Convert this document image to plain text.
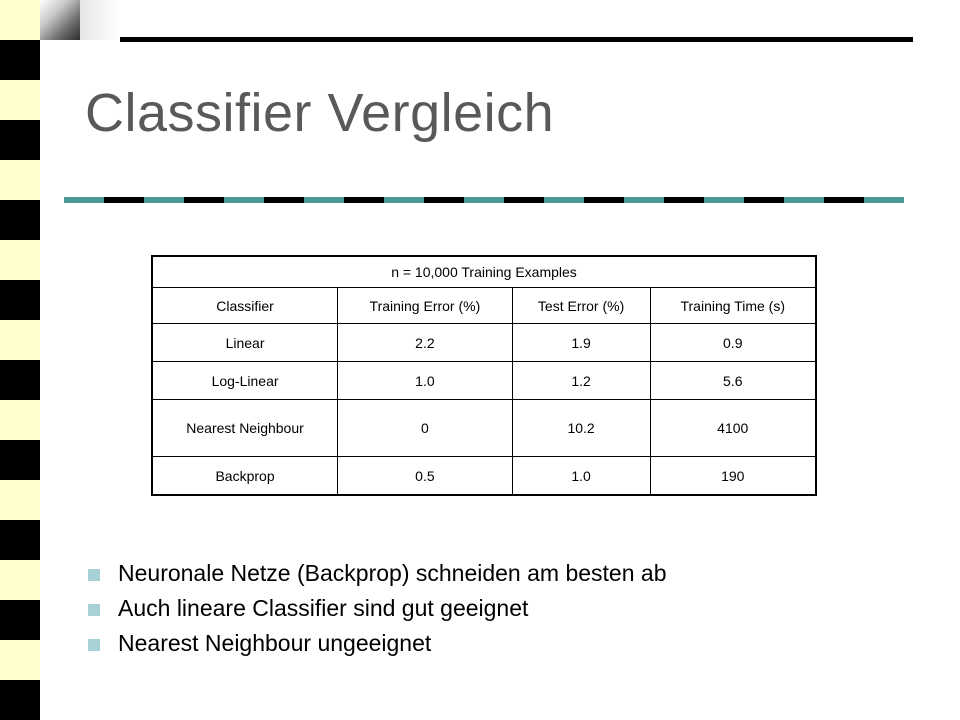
Classifier Vergleich
n = 10,000 Training Examples			
Classifier	Training Error (%)	Test Error (%)	Training Time (s)
Linear	2.2	1.9	0.9
Log-Linear	1.0	1.2	5.6
Nearest Neighbour	0	10.2	4100
Backprop	0.5	1.0	190
Neuronale Netze (Backprop) schneiden am besten ab
Auch lineare Classifier sind gut geeignet
Nearest Neighbour ungeeignet
